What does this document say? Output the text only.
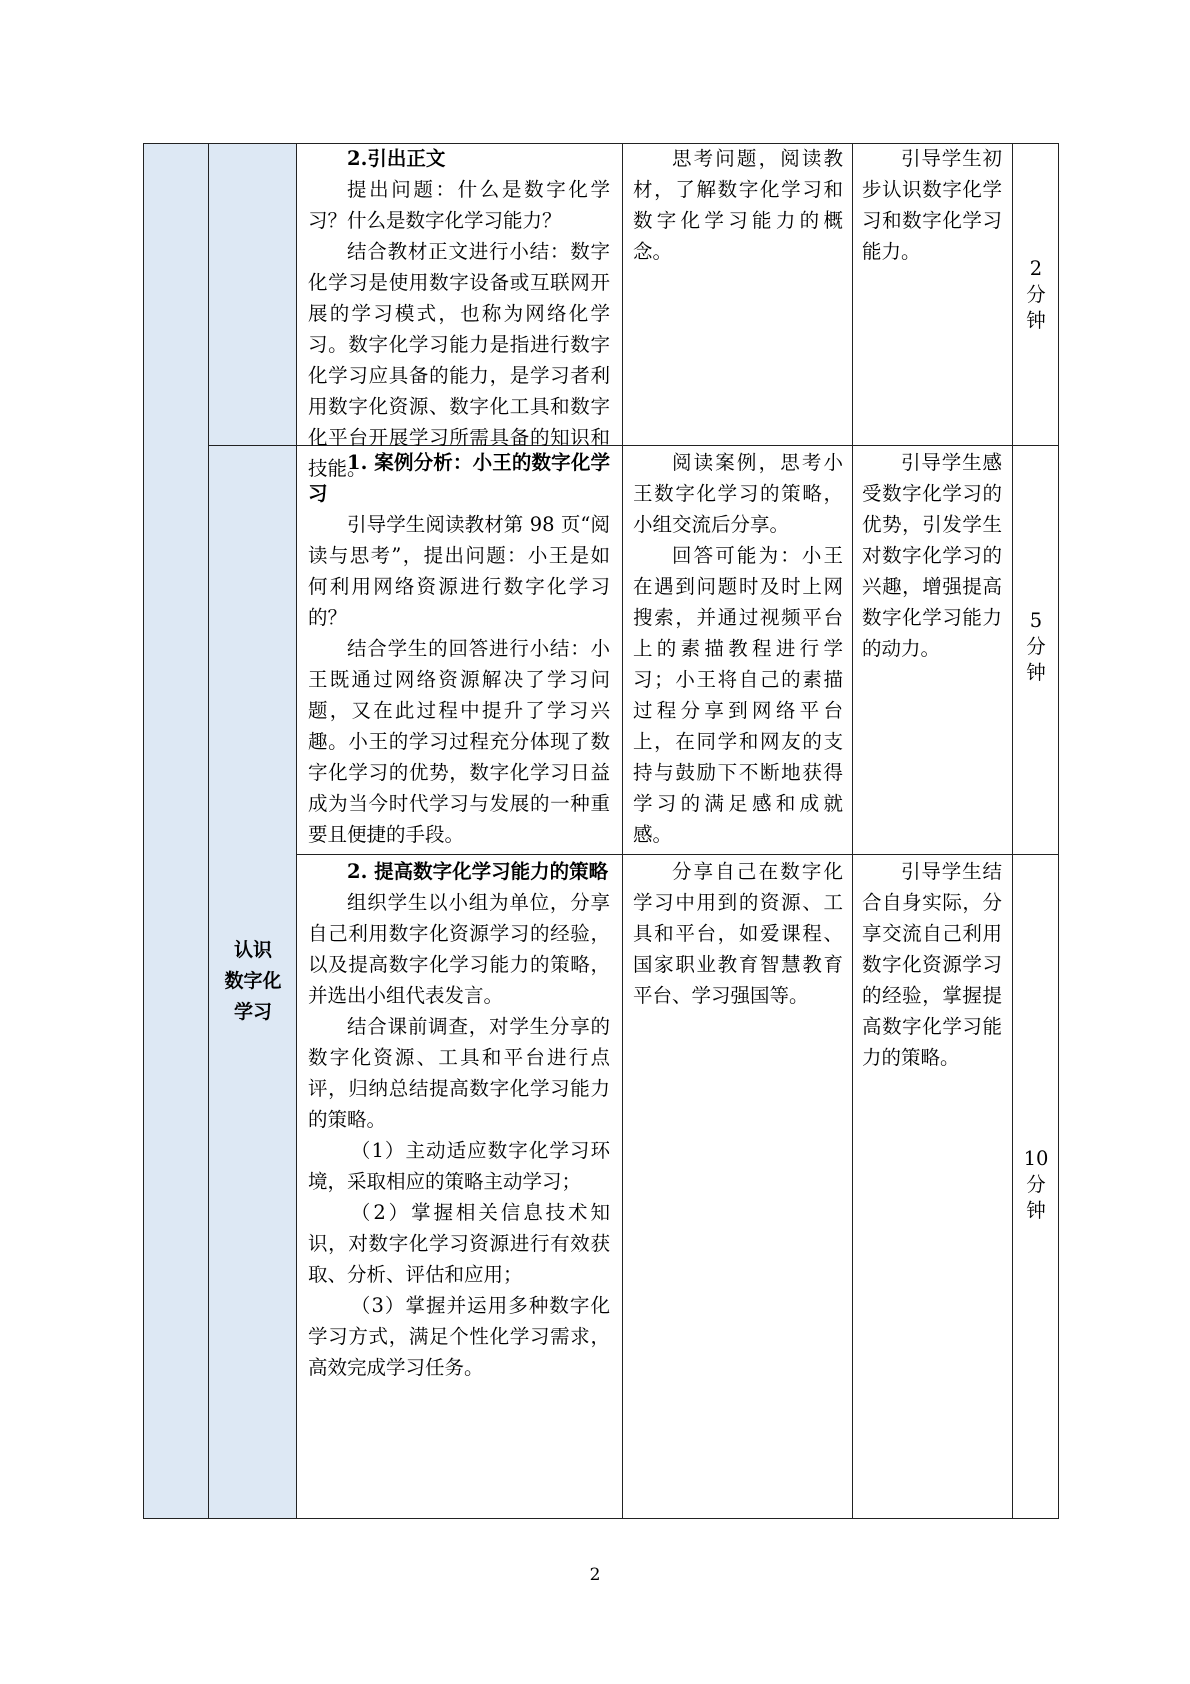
2.引出正文

提出问题：什么是数字化学习？什么是数字化学习能力？

结合教材正文进行小结：数字化学习是使用数字设备或互联网开展的学习模式，也称为网络化学习。数字化学习能力是指进行数字化学习应具备的能力，是学习者利用数字化资源、数字化工具和数字化平台开展学习所需具备的知识和技能。

思考问题，阅读教材，了解数字化学习和数字化学习能力的概念。

引导学生初步认识数字化学习和数字化学习能力。

2
分
钟
认识
数字化
学习

1. 案例分析：小王的数字化学习

引导学生阅读教材第 98 页“阅读与思考”，提出问题：小王是如何利用网络资源进行数字化学习的？

结合学生的回答进行小结：小王既通过网络资源解决了学习问题，又在此过程中提升了学习兴趣。小王的学习过程充分体现了数字化学习的优势，数字化学习日益成为当今时代学习与发展的一种重要且便捷的手段。

阅读案例，思考小王数字化学习的策略，小组交流后分享。

回答可能为：小王在遇到问题时及时上网搜索，并通过视频平台上的素描教程进行学习；小王将自己的素描过程分享到网络平台上，在同学和网友的支持与鼓励下不断地获得学习的满足感和成就感。

引导学生感受数字化学习的优势，引发学生对数字化学习的兴趣，增强提高数字化学习能力的动力。

5
分
钟

2. 提高数字化学习能力的策略

组织学生以小组为单位，分享自己利用数字化资源学习的经验，以及提高数字化学习能力的策略，并选出小组代表发言。

结合课前调查，对学生分享的数字化资源、工具和平台进行点评，归纳总结提高数字化学习能力的策略。

（1）主动适应数字化学习环境，采取相应的策略主动学习；

（2）掌握相关信息技术知识，对数字化学习资源进行有效获取、分析、评估和应用；

（3）掌握并运用多种数字化学习方式，满足个性化学习需求，高效完成学习任务。

分享自己在数字化学习中用到的资源、工具和平台，如爱课程、国家职业教育智慧教育平台、学习强国等。

引导学生结合自身实际，分享交流自己利用数字化资源学习的经验，掌握提高数字化学习能力的策略。

10
分
钟
2
